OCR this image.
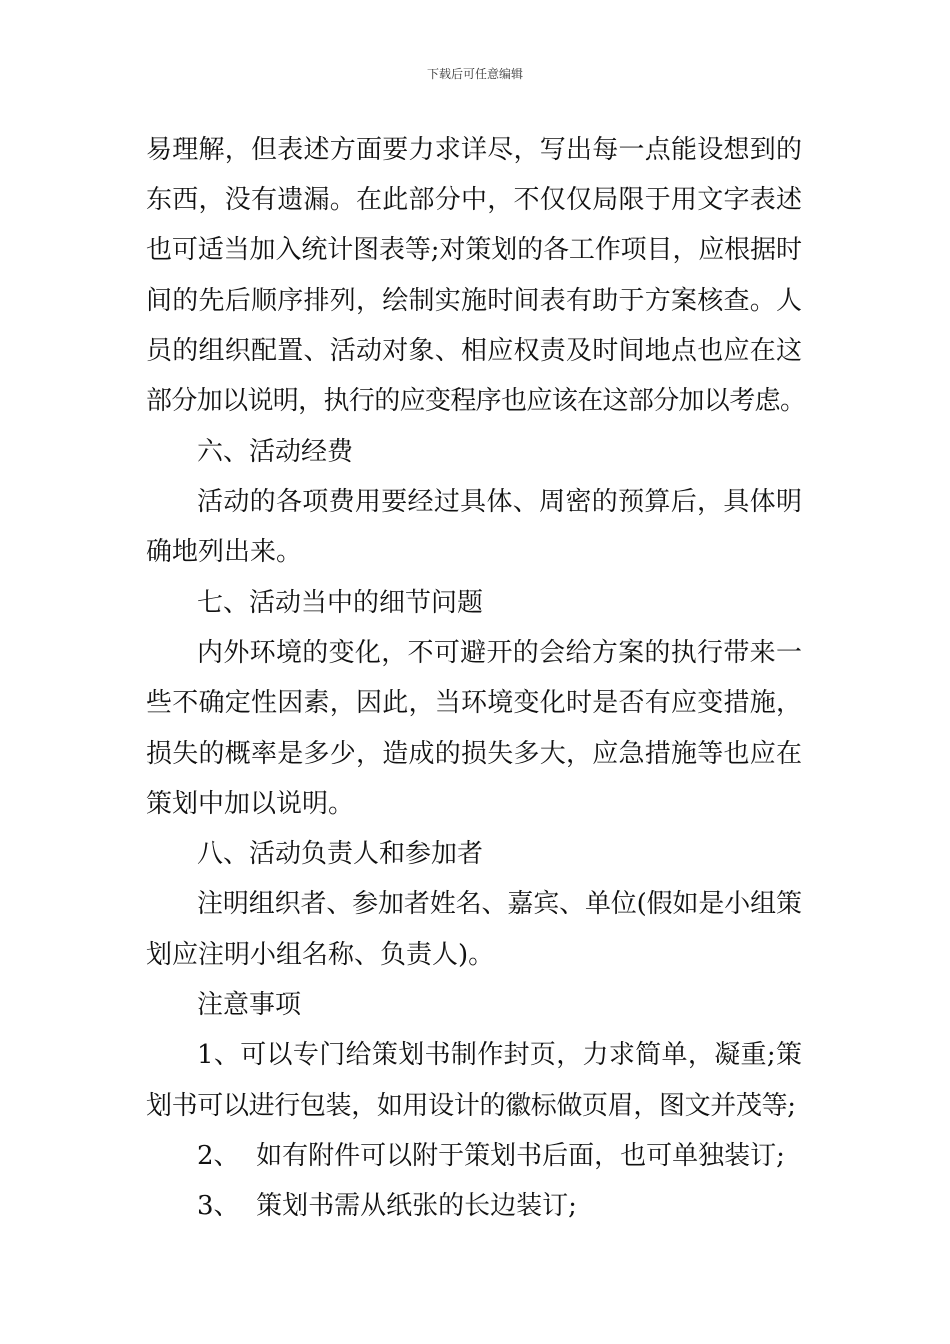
下载后可任意编辑
易理解，但表述方面要力求详尽，写出每一点能设想到的
东西，没有遗漏。在此部分中，不仅仅局限于用文字表述
也可适当加入统计图表等;对策划的各工作项目，应根据时
间的先后顺序排列，绘制实施时间表有助于方案核查。人
员的组织配置、活动对象、相应权责及时间地点也应在这
部分加以说明，执行的应变程序也应该在这部分加以考虑。
六、活动经费
活动的各项费用要经过具体、周密的预算后，具体明
确地列出来。
七、活动当中的细节问题
内外环境的变化，不可避开的会给方案的执行带来一
些不确定性因素，因此，当环境变化时是否有应变措施，
损失的概率是多少，造成的损失多大，应急措施等也应在
策划中加以说明。
八、活动负责人和参加者
注明组织者、参加者姓名、嘉宾、单位(假如是小组策
划应注明小组名称、负责人)。
注意事项
1、可以专门给策划书制作封页，力求简单，凝重;策
划书可以进行包装，如用设计的徽标做页眉，图文并茂等;
2、  如有附件可以附于策划书后面，也可单独装订;
3、  策划书需从纸张的长边装订;
